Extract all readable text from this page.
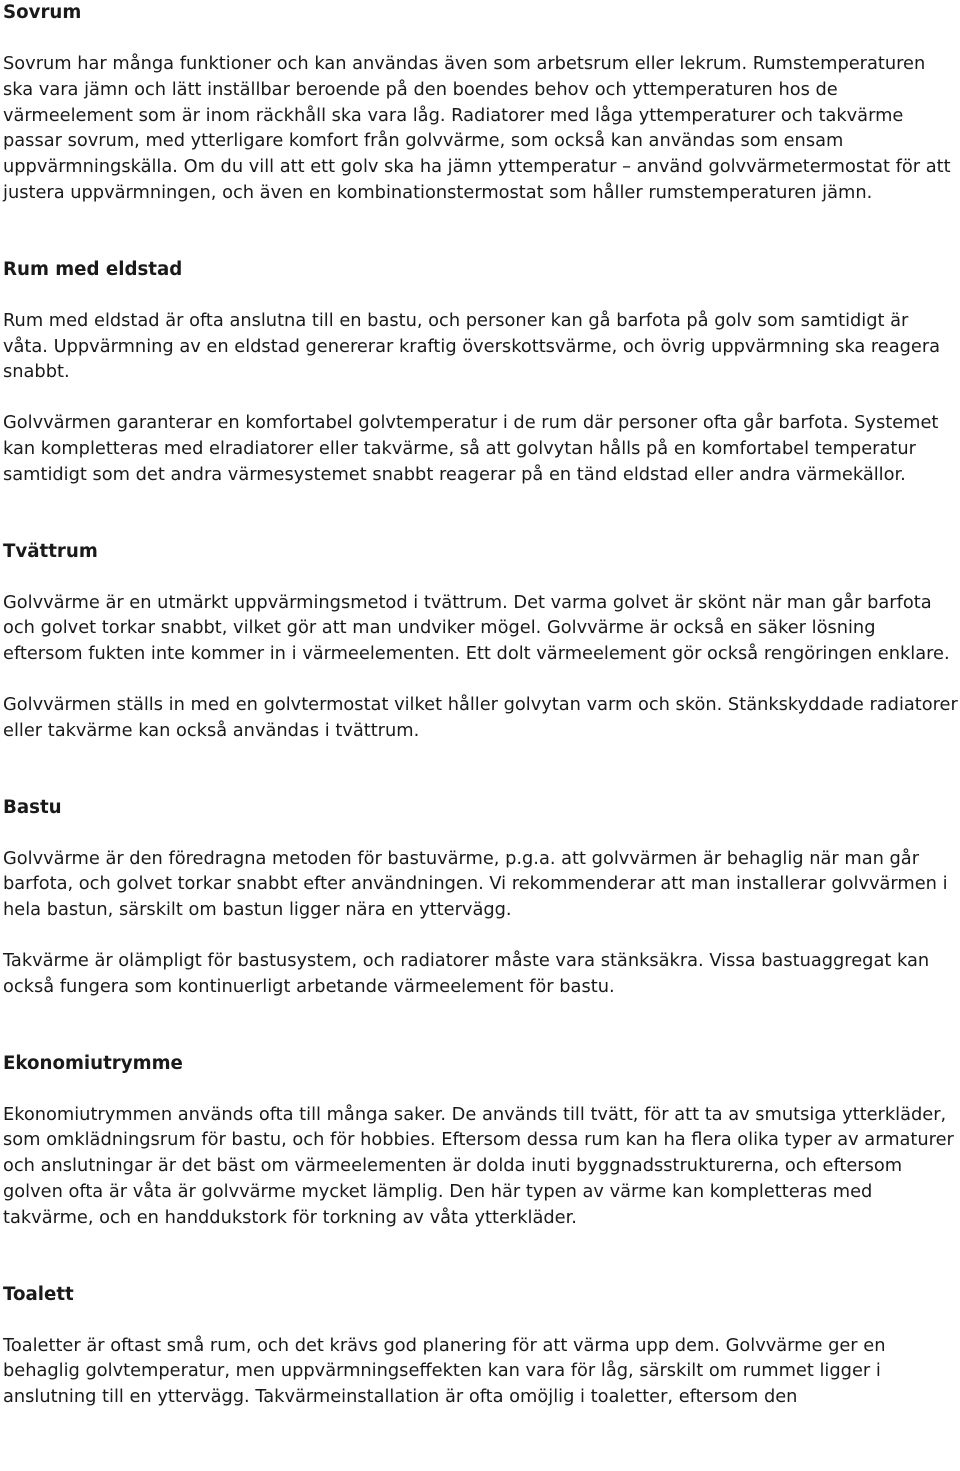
Sovrum

Sovrum har många funktioner och kan användas även som arbetsrum eller lekrum. Rumstemperaturen ska vara jämn och lätt inställbar beroende på den boendes behov och yttemperaturen hos de värmeelement som är inom räckhåll ska vara låg. Radiatorer med låga yttemperaturer och takvärme passar sovrum, med ytterligare komfort från golvvärme, som också kan användas som ensam uppvärmningskälla. Om du vill att ett golv ska ha jämn yttemperatur – använd golvvärmetermostat för att justera uppvärmningen, och även en kombinationstermostat som håller rumstemperaturen jämn.

Rum med eldstad

Rum med eldstad är ofta anslutna till en bastu, och personer kan gå barfota på golv som samtidigt är våta. Uppvärmning av en eldstad genererar kraftig överskottsvärme, och övrig uppvärmning ska reagera snabbt.

Golvvärmen garanterar en komfortabel golvtemperatur i de rum där personer ofta går barfota. Systemet kan kompletteras med elradiatorer eller takvärme, så att golvytan hålls på en komfortabel temperatur samtidigt som det andra värmesystemet snabbt reagerar på en tänd eldstad eller andra värmekällor.

Tvättrum

Golvvärme är en utmärkt uppvärmingsmetod i tvättrum. Det varma golvet är skönt när man går barfota och golvet torkar snabbt, vilket gör att man undviker mögel. Golvvärme är också en säker lösning eftersom fukten inte kommer in i värmeelementen. Ett dolt värmeelement gör också rengöringen enklare.

Golvvärmen ställs in med en golvtermostat vilket håller golvytan varm och skön. Stänkskyddade radiatorer eller takvärme kan också användas i tvättrum.

Bastu

Golvvärme är den föredragna metoden för bastuvärme, p.g.a. att golvvärmen är behaglig när man går barfota, och golvet torkar snabbt efter användningen. Vi rekommenderar att man installerar golvvärmen i hela bastun, särskilt om bastun ligger nära en yttervägg.

Takvärme är olämpligt för bastusystem, och radiatorer måste vara stänksäkra. Vissa bastuaggregat kan också fungera som kontinuerligt arbetande värmeelement för bastu.

Ekonomiutrymme

Ekonomiutrymmen används ofta till många saker. De används till tvätt, för att ta av smutsiga ytterkläder, som omklädningsrum för bastu, och för hobbies. Eftersom dessa rum kan ha flera olika typer av armaturer och anslutningar är det bäst om värmeelementen är dolda inuti byggnadsstrukturerna, och eftersom golven ofta är våta är golvvärme mycket lämplig. Den här typen av värme kan kompletteras med takvärme, och en handdukstork för torkning av våta ytterkläder.

Toalett

Toaletter är oftast små rum, och det krävs god planering för att värma upp dem. Golvvärme ger en behaglig golvtemperatur, men uppvärmningseffekten kan vara för låg, särskilt om rummet ligger i anslutning till en yttervägg. Takvärmeinstallation är ofta omöjlig i toaletter, eftersom den
